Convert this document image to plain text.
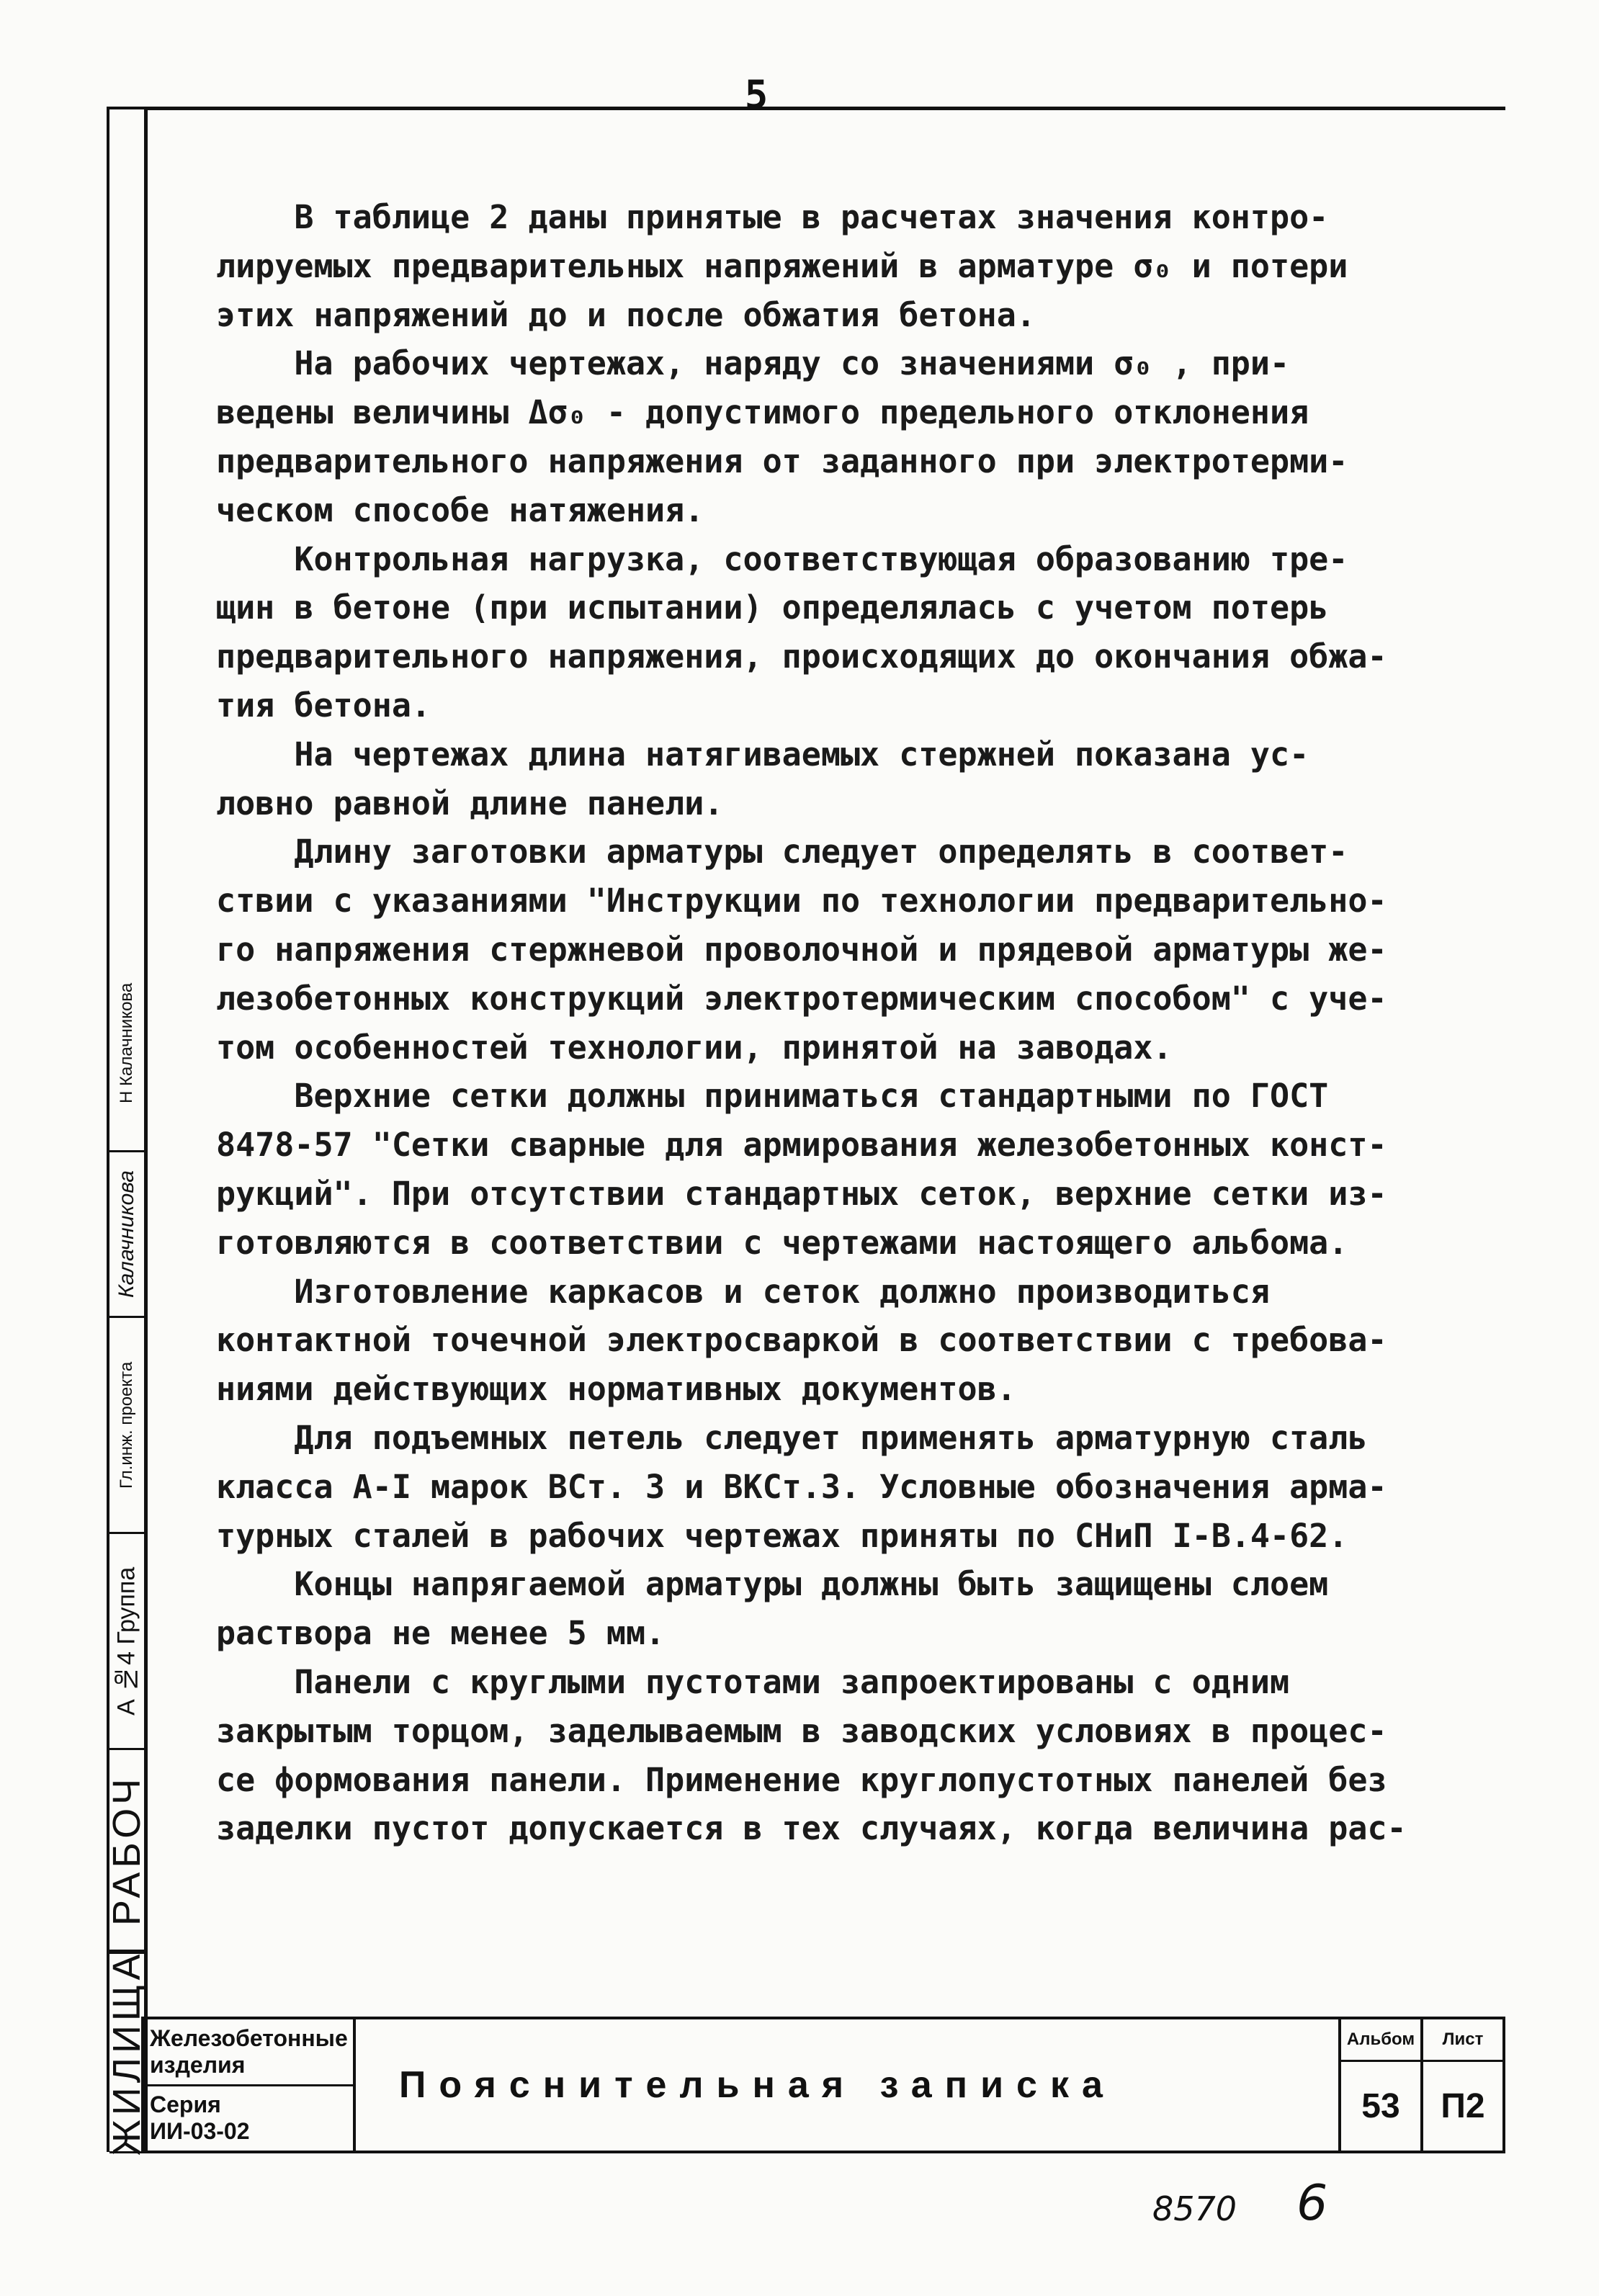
5
Н Калачникова
Калачникова
Гл.инж. проекта
А №4 Группа
РАБОЧ
ЖИЛИЩА

В таблице 2 даны принятые в расчетах значения контро-

лируемых предварительных напряжений в арматуре σ₀ и потери

этих напряжений до и после обжатия бетона.

На рабочих чертежах, наряду со значениями σ₀ , при-

ведены величины Δσ₀ - допустимого предельного отклонения

предварительного напряжения от заданного при электротерми-

ческом способе натяжения.

Контрольная нагрузка, соответствующая образованию тре-

щин в бетоне (при испытании) определялась с учетом потерь

предварительного напряжения, происходящих до окончания обжа-

тия бетона.

На чертежах длина натягиваемых стержней показана ус-

ловно равной длине панели.

Длину заготовки арматуры следует определять в соответ-

ствии с указаниями "Инструкции по технологии предварительно-

го напряжения стержневой проволочной и прядевой арматуры же-

лезобетонных конструкций электротермическим способом" с уче-

том особенностей технологии, принятой на заводах.

Верхние сетки должны приниматься стандартными по ГОСТ

8478-57 "Сетки сварные для армирования железобетонных конст-

рукций". При отсутствии стандартных сеток, верхние сетки из-

готовляются в соответствии с чертежами настоящего альбома.

Изготовление каркасов и сеток должно производиться

контактной точечной электросваркой в соответствии с требова-

ниями действующих нормативных документов.

Для подъемных петель следует применять арматурную сталь

класса А-I марок ВСт. 3 и ВКСт.3. Условные обозначения арма-

турных сталей в рабочих чертежах приняты по СНиП I-В.4-62.

Концы напрягаемой арматуры должны быть защищены слоем

раствора не менее 5 мм.

Панели с круглыми пустотами запроектированы с одним

закрытым торцом, заделываемым в заводских условиях в процес-

се формования панели. Применение круглопустотных панелей без

заделки пустот допускается в тех случаях, когда величина рас-

Железобетонные
изделия
Серия
ИИ-03-02
Пояснительная записка
Альбом
53
Лист
П2
8570 6
